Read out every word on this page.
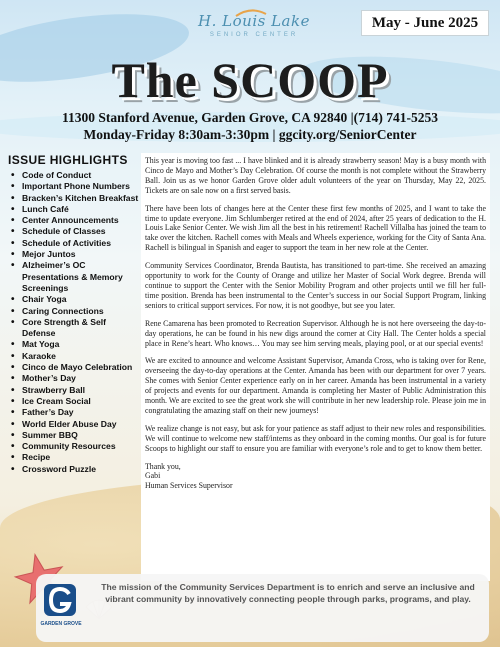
H. Louis Lake
SENIOR CENTER
May - June 2025
The SCOOP
11300 Stanford Avenue, Garden Grove, CA 92840 |(714) 741-5253
Monday-Friday 8:30am-3:30pm | ggcity.org/SeniorCenter
ISSUE HIGHLIGHTS
• Code of Conduct
• Important Phone Numbers
• Bracken’s Kitchen Breakfast
• Lunch Café
• Center Announcements
• Schedule of Classes
• Schedule of Activities
• Mejor Juntos
• Alzheimer’s OC Presentations & Memory Screenings
• Chair Yoga
• Caring Connections
• Core Strength & Self Defense
• Mat Yoga
• Karaoke
• Cinco de Mayo Celebration
• Mother’s Day
• Strawberry Ball
• Ice Cream Social
• Father’s Day
• World Elder Abuse Day
• Summer BBQ
• Community Resources
• Recipe
• Crossword Puzzle

This year is moving too fast ... I have blinked and it is already strawberry season! May is a busy month with Cinco de Mayo and Mother’s Day Celebration. Of course the month is not complete without the Strawberry Ball. Join us as we honor Garden Grove older adult volunteers of the year on Thursday, May 22, 2025. Tickets are on sale now on a first served basis.

There have been lots of changes here at the Center these first few months of 2025, and I want to take the time to update everyone. Jim Schlumberger retired at the end of 2024, after 25 years of dedication to the H. Louis Lake Senior Center. We wish Jim all the best in his retirement! Rachell Villalba has joined the team to take over the kitchen. Rachell comes with Meals and Wheels experience, working for the City of Santa Ana. Rachell is bilingual in Spanish and eager to support the team in her new role at the Center.

Community Services Coordinator, Brenda Bautista, has transitioned to part-time. She received an amazing opportunity to work for the County of Orange and utilize her Master of Social Work degree. Brenda will continue to support the Center with the Senior Mobility Program and other projects until we fill her full-time position. Brenda has been instrumental to the Center’s success in our Social Support Program, linking seniors to critical support services. For now, it is not goodbye, but see you later.

Rene Camarena has been promoted to Recreation Supervisor. Although he is not here overseeing the day-to-day operations, he can be found in his new digs around the corner at City Hall. The Center holds a special place in Rene’s heart. Who knows… You may see him serving meals, playing pool, or at our special events!

We are excited to announce and welcome Assistant Supervisor, Amanda Cross, who is taking over for Rene, overseeing the day-to-day operations at the Center. Amanda has been with our department for over 7 years. She comes with Senior Center experience early on in her career. Amanda has been instrumental in a variety of projects and events for our department. Amanda is completing her Master of Public Administration this month. We are excited to see the great work she will contribute in her new leadership role. Please join me in congratulating the amazing staff on their new journeys!

We realize change is not easy, but ask for your patience as staff adjust to their new roles and responsibilities. We will continue to welcome new staff/interns as they onboard in the coming months. Our goal is for future Scoops to highlight our staff to ensure you are familiar with everyone’s role and to get to know them better.

Thank you,

Gabi

Human Services Supervisor

GARDEN GROVE
The mission of the Community Services Department is to enrich and serve an inclusive and vibrant community by innovatively connecting people through parks, programs, and play.
